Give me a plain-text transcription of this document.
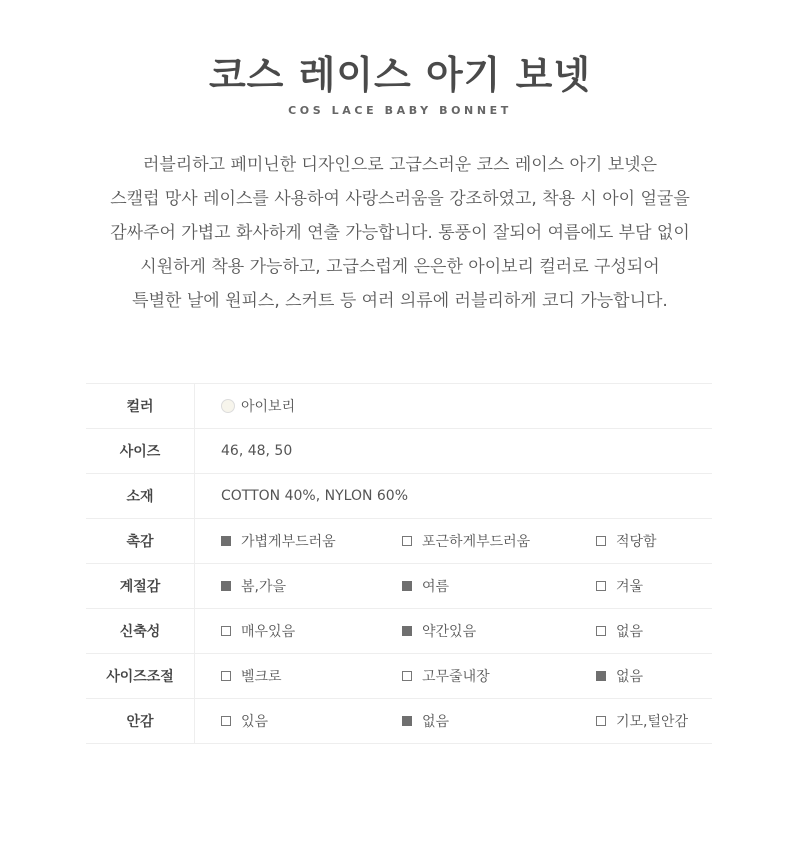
코스 레이스 아기 보넷
COS LACE BABY BONNET
러블리하고 페미닌한 디자인으로 고급스러운 코스 레이스 아기 보넷은
스캘럽 망사 레이스를 사용하여 사랑스러움을 강조하였고, 착용 시 아이 얼굴을
감싸주어 가볍고 화사하게 연출 가능합니다. 통풍이 잘되어 여름에도 부담 없이
시원하게 착용 가능하고, 고급스럽게 은은한 아이보리 컬러로 구성되어
특별한 날에 원피스, 스커트 등 여러 의류에 러블리하게 코디 가능합니다.
컬러	아이보리
사이즈	46, 48, 50
소재	COTTON 40%, NYLON 60%
촉감	가볍게부드러움	포근하게부드러움	적당함
계절감	봄,가을	여름	겨울
신축성	매우있음	약간있음	없음
사이즈조절	벨크로	고무줄내장	없음
안감	있음	없음	기모,털안감
